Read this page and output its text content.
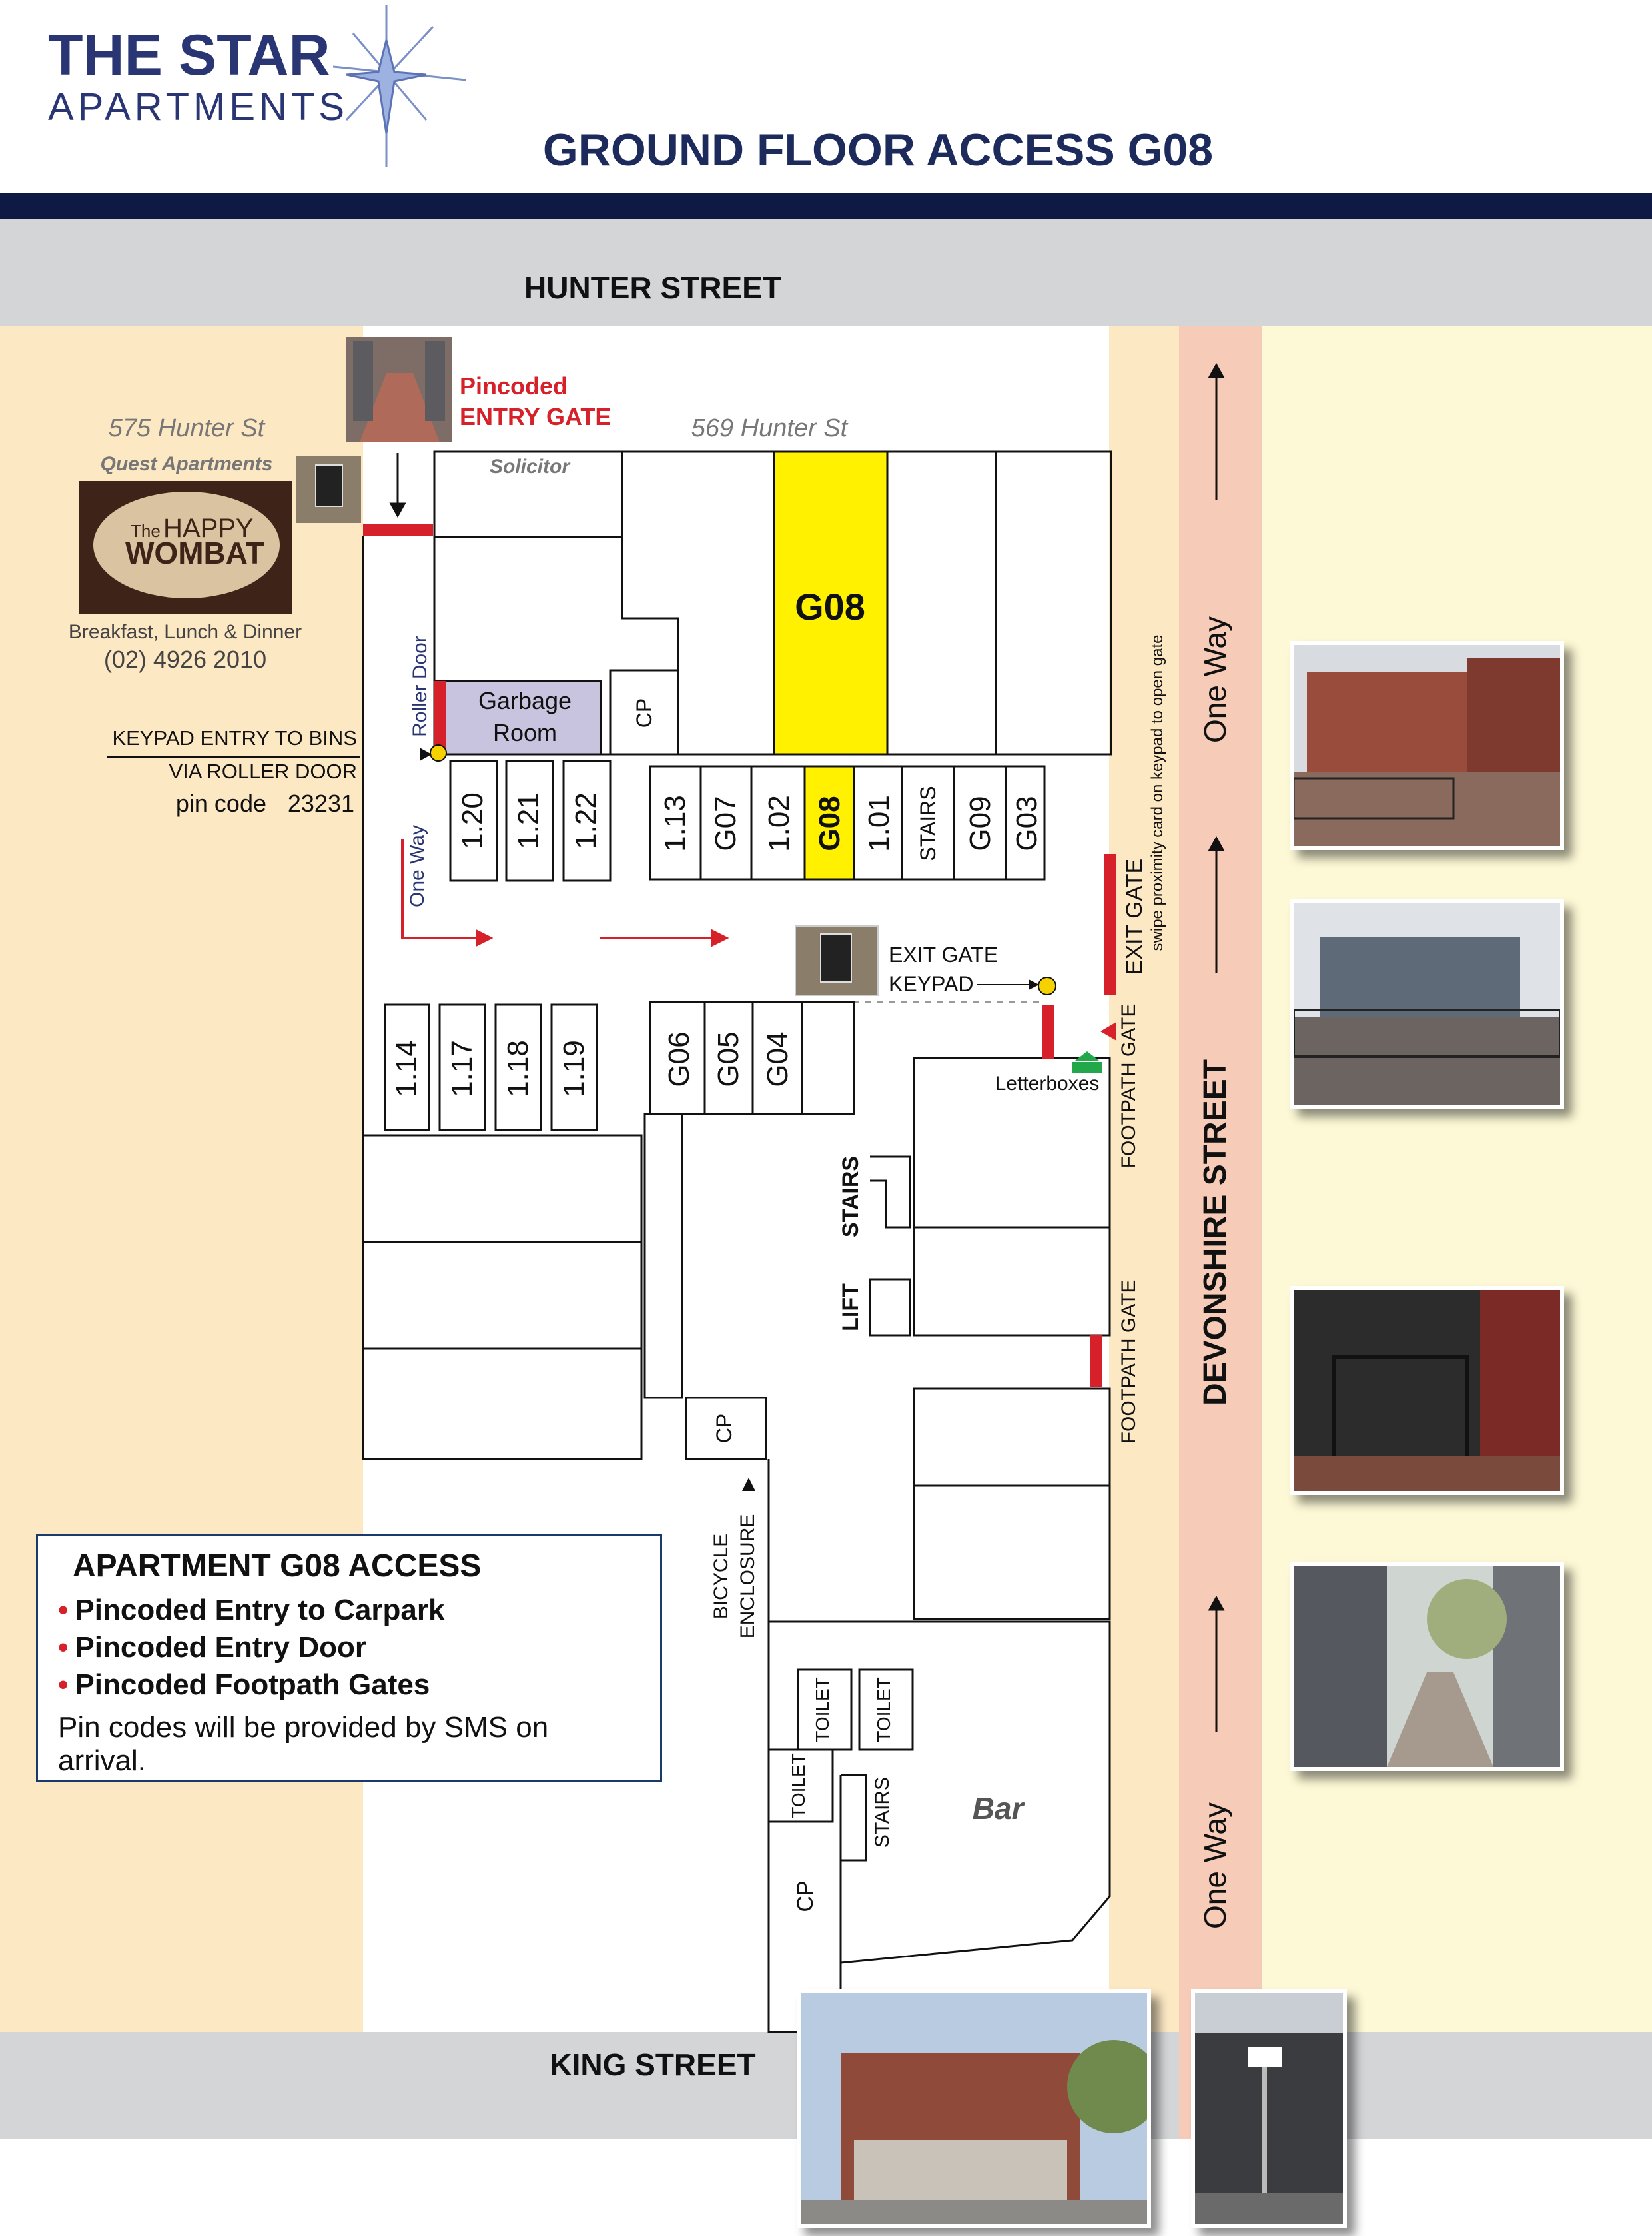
THE STAR
APARTMENTS
GROUND FLOOR ACCESS G08
HUNTER STREET
KING STREET
DEVONSHIRE STREET
One Way
One Way
575 Hunter St
Quest Apartments
The HAPPY
WOMBAT
Breakfast, Lunch & Dinner
(02) 4926 2010
Pincoded
ENTRY GATE	569 Hunter St
Solicitor
G08
Garbage
Room
CP
Roller Door
KEYPAD ENTRY TO BINS
VIA ROLLER DOOR
pin code 23231
One Way
1.20 1.21 1.22 1.13 G07 1.02 G08 1.01 STAIRS G09 G03
EXIT GATE
KEYPAD
EXIT GATE swipe proximity card on keypad to open gate
1.14 1.17 1.18 1.19 G06 G05 G04
CP
BICYCLE ENCLOSURE
Letterboxes FOOTPATH GATE
FOOTPATH GATE
STAIRS
LIFT
TOILET TOILET
TOILET	STAIRS	Bar
CP
APARTMENT G08 ACCESS
• Pincoded Entry to Carpark
• Pincoded Entry Door
• Pincoded Footpath Gates
Pin codes will be provided by SMS on arrival.
